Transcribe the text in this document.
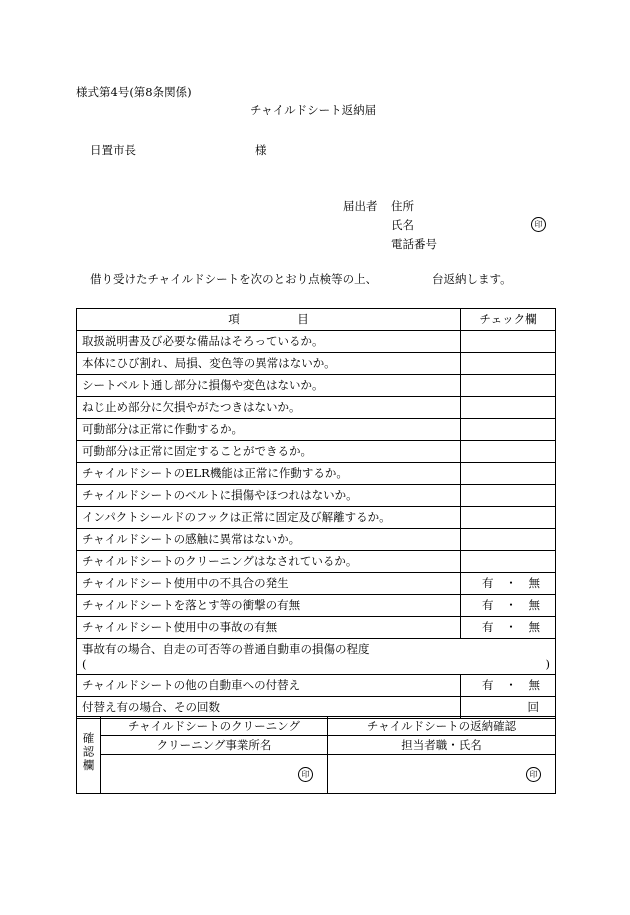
様式第4号(第8条関係)
チャイルドシート返納届
日置市長	様
届出者 住所
氏名	印
電話番号
借り受けたチャイルドシートを次のとおり点検等の上、	台返納します。
項　　　　　目	チェック欄
取扱説明書及び必要な備品はそろっているか。	
本体にひび割れ、局損、変色等の異常はないか。	
シートベルト通し部分に損傷や変色はないか。	
ねじ止め部分に欠損やがたつきはないか。	
可動部分は正常に作動するか。	
可動部分は正常に固定することができるか。	
チャイルドシートのELR機能は正常に作動するか。	
チャイルドシートのベルトに損傷やほつれはないか。	
インパクトシールドのフックは正常に固定及び解離するか。	
チャイルドシートの感触に異常はないか。	
チャイルドシートのクリーニングはなされているか。	
チャイルドシート使用中の不具合の発生	有 ・ 無

チャイルドシートを落とす等の衝撃の有無	有 ・ 無

チャイルドシート使用中の事故の有無	有 ・ 無

事故有の場合、自走の可否等の普通自動車の損傷の程度
( )	

チャイルドシートの他の自動車への付替え	有 ・ 無

付替え有の場合、その回数	回
確認欄	チャイルドシートのクリーニング	チャイルドシートの返納確認
	クリーニング事業所名	担当者職・氏名

	印	印
